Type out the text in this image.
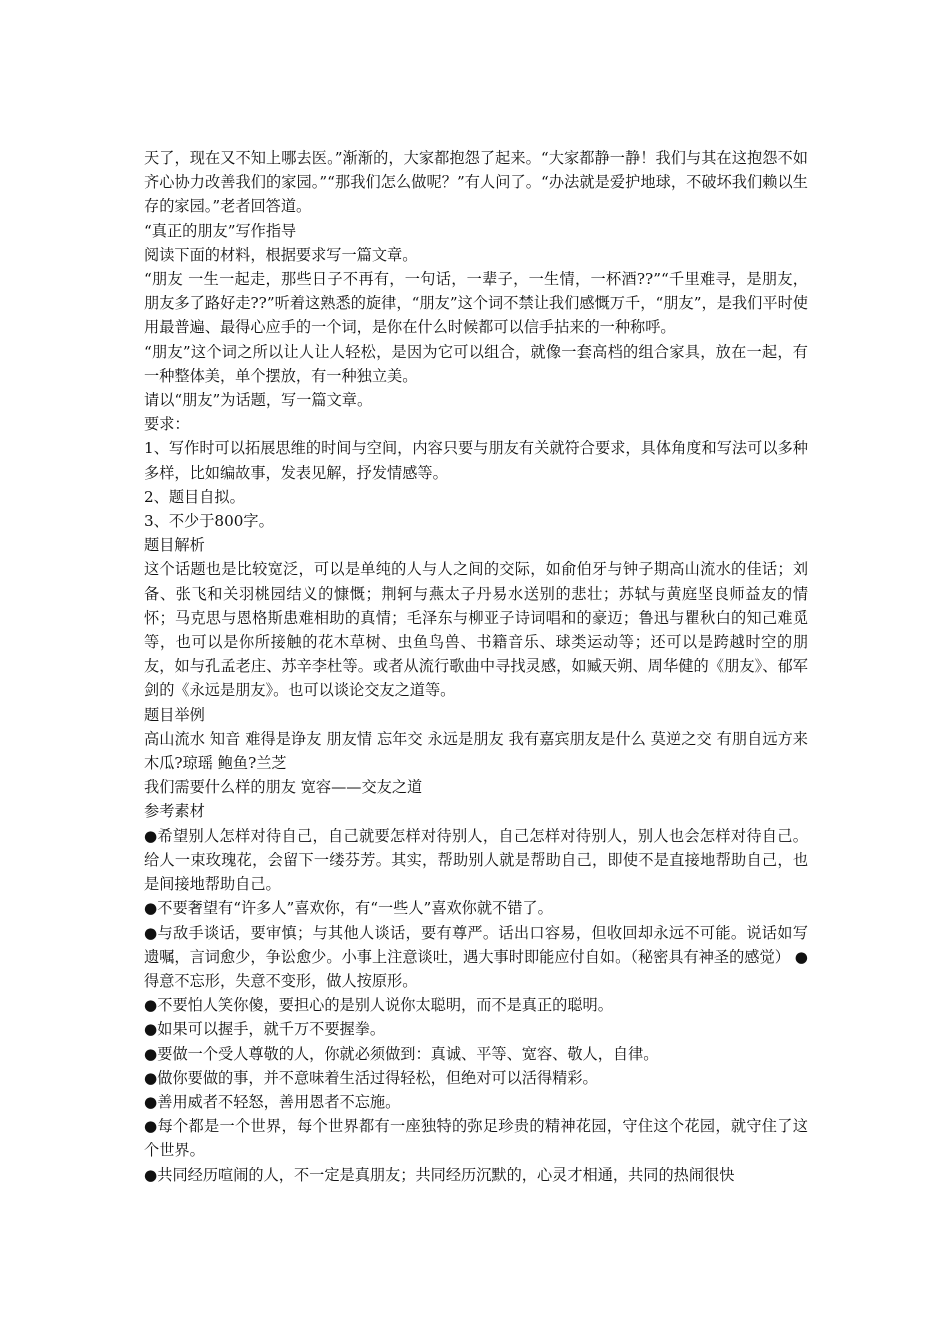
天了，现在又不知上哪去医。”渐渐的，大家都抱怨了起来。“大家都静一静！我们与其在这抱怨不如齐心协力改善我们的家园。”“那我们怎么做呢？”有人问了。“办法就是爱护地球，不破坏我们赖以生存的家园。”老者回答道。

“真正的朋友”写作指导

阅读下面的材料，根据要求写一篇文章。

“朋友 一生一起走，那些日子不再有，一句话，一辈子，一生情，一杯酒??”“千里难寻，是朋友，朋友多了路好走??”听着这熟悉的旋律，“朋友”这个词不禁让我们感慨万千，“朋友”，是我们平时使用最普遍、最得心应手的一个词，是你在什么时候都可以信手拈来的一种称呼。

“朋友”这个词之所以让人让人轻松，是因为它可以组合，就像一套高档的组合家具，放在一起，有一种整体美，单个摆放，有一种独立美。

请以“朋友”为话题，写一篇文章。

要求：

1、写作时可以拓展思维的时间与空间，内容只要与朋友有关就符合要求，具体角度和写法可以多种多样，比如编故事，发表见解，抒发情感等。

2、题目自拟。

3、不少于800字。

题目解析

这个话题也是比较宽泛，可以是单纯的人与人之间的交际，如俞伯牙与钟子期高山流水的佳话；刘备、张飞和关羽桃园结义的慷慨；荆轲与燕太子丹易水送别的悲壮；苏轼与黄庭坚良师益友的情怀；马克思与恩格斯患难相助的真情；毛泽东与柳亚子诗词唱和的豪迈；鲁迅与瞿秋白的知己难觅等，也可以是你所接触的花木草树、虫鱼鸟兽、书籍音乐、球类运动等；还可以是跨越时空的朋友，如与孔孟老庄、苏辛李杜等。或者从流行歌曲中寻找灵感，如臧天朔、周华健的《朋友》、郁军剑的《永远是朋友》。也可以谈论交友之道等。

题目举例

高山流水 知音 难得是诤友 朋友情 忘年交 永远是朋友 我有嘉宾朋友是什么 莫逆之交 有朋自远方来 木瓜?琼瑶 鲍鱼?兰芝

我们需要什么样的朋友 宽容——交友之道

参考素材

●希望别人怎样对待自己，自己就要怎样对待别人，自己怎样对待别人，别人也会怎样对待自己。给人一束玫瑰花，会留下一缕芬芳。其实，帮助别人就是帮助自己，即使不是直接地帮助自己，也是间接地帮助自己。

●不要奢望有“许多人”喜欢你，有“一些人”喜欢你就不错了。

●与敌手谈话，要审慎；与其他人谈话，要有尊严。话出口容易，但收回却永远不可能。说话如写遗嘱，言词愈少，争讼愈少。小事上注意谈吐，遇大事时即能应付自如。（秘密具有神圣的感觉） ●得意不忘形，失意不变形，做人按原形。

●不要怕人笑你傻，要担心的是别人说你太聪明，而不是真正的聪明。

●如果可以握手，就千万不要握拳。

●要做一个受人尊敬的人，你就必须做到：真诚、平等、宽容、敬人，自律。

●做你要做的事，并不意味着生活过得轻松，但绝对可以活得精彩。

●善用威者不轻怒，善用恩者不忘施。

●每个都是一个世界，每个世界都有一座独特的弥足珍贵的精神花园，守住这个花园，就守住了这个世界。

●共同经历喧闹的人，不一定是真朋友；共同经历沉默的，心灵才相通，共同的热闹很快
